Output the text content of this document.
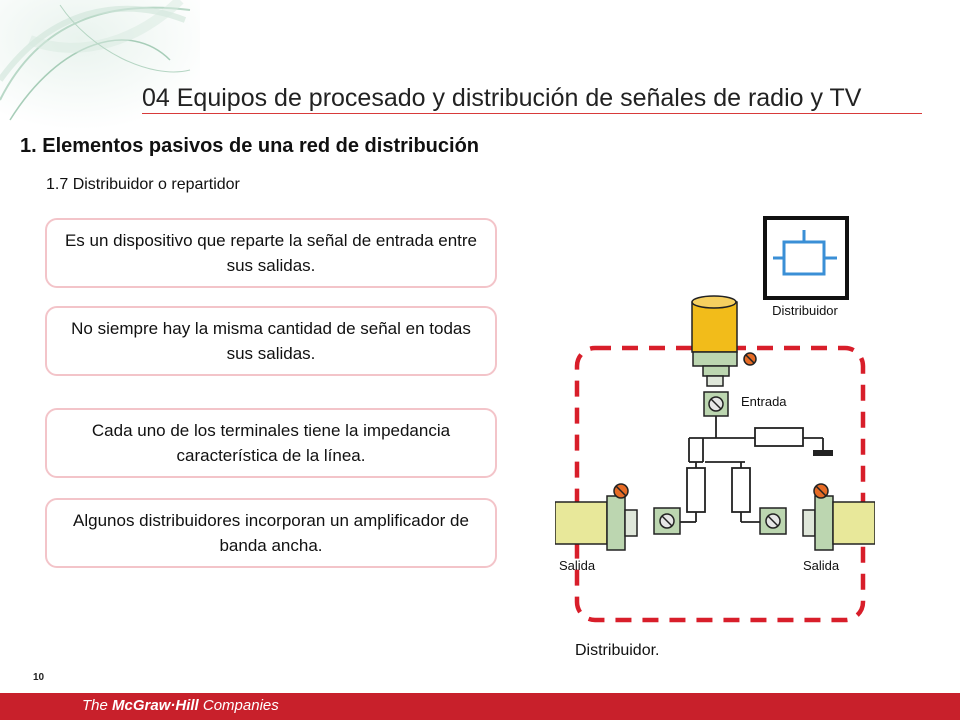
04 Equipos de procesado y distribución de señales de radio y TV
1. Elementos pasivos de una red de distribución
1.7 Distribuidor o repartidor
Es un dispositivo que reparte la señal de entrada entre sus salidas.
No siempre hay la misma cantidad de señal en todas sus salidas.
Cada uno de los terminales tiene la impedancia característica de la línea.
Algunos distribuidores incorporan un amplificador de banda ancha.
Distribuidor
Entrada
Salida	Salida
Distribuidor.
10
The McGraw·Hill Companies
